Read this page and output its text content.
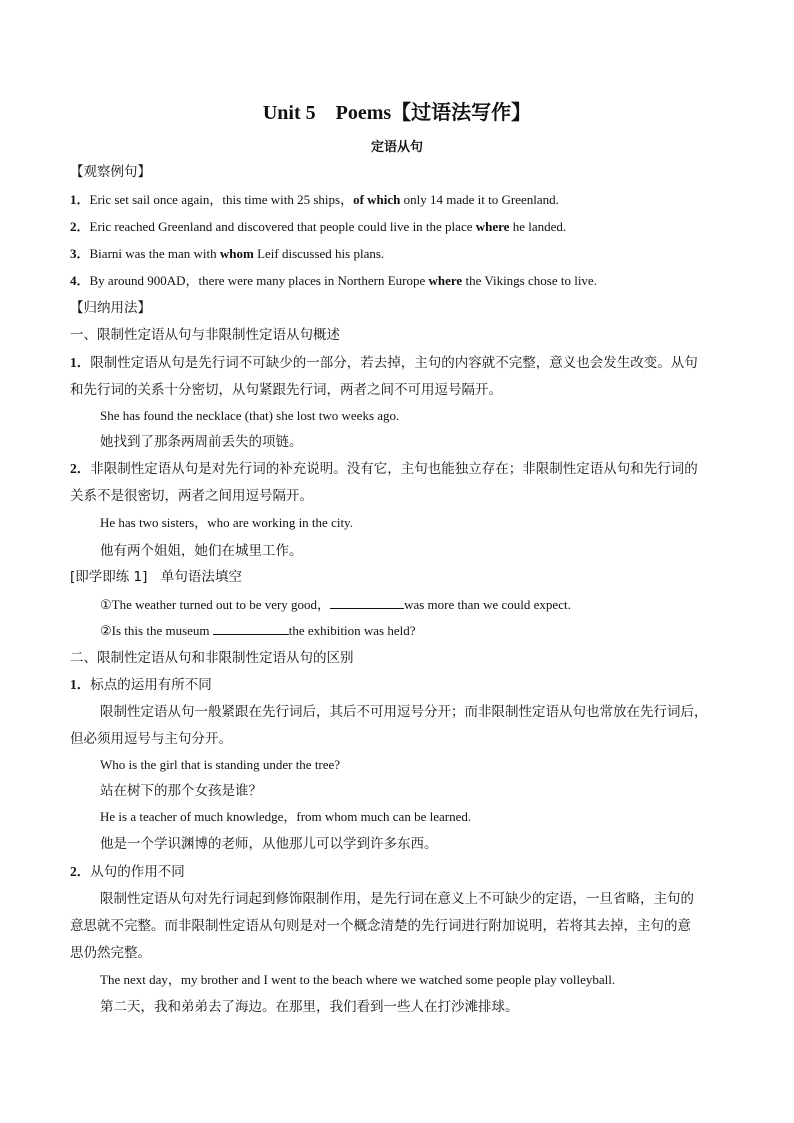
Unit 5 Poems【过语法写作】
定语从句
【观察例句】
1．Eric set sail once again，this time with 25 ships，of which only 14 made it to Greenland.
2．Eric reached Greenland and discovered that people could live in the place where he landed.
3．Biarni was the man with whom Leif discussed his plans.
4．By around 900AD，there were many places in Northern Europe where the Vikings chose to live.
【归纳用法】
一、限制性定语从句与非限制性定语从句概述
1．限制性定语从句是先行词不可缺少的一部分，若去掉，主句的内容就不完整，意义也会发生改变。从句
和先行词的关系十分密切，从句紧跟先行词，两者之间不可用逗号隔开。
She has found the necklace (that) she lost two weeks ago.
她找到了那条两周前丢失的项链。
2．非限制性定语从句是对先行词的补充说明。没有它，主句也能独立存在；非限制性定语从句和先行词的
关系不是很密切，两者之间用逗号隔开。
He has two sisters，who are working in the city.
他有两个姐姐，她们在城里工作。
[即学即练 1]　单句语法填空
①The weather turned out to be very good，	was more than we could expect.
②Is this the museum	the exhibition was held?
二、限制性定语从句和非限制性定语从句的区别
1．标点的运用有所不同
限制性定语从句一般紧跟在先行词后，其后不可用逗号分开；而非限制性定语从句也常放在先行词后，
但必须用逗号与主句分开。
Who is the girl that is standing under the tree?
站在树下的那个女孩是谁？
He is a teacher of much knowledge，from whom much can be learned.
他是一个学识渊博的老师，从他那儿可以学到许多东西。
2．从句的作用不同
限制性定语从句对先行词起到修饰限制作用，是先行词在意义上不可缺少的定语，一旦省略，主句的
意思就不完整。而非限制性定语从句则是对一个概念清楚的先行词进行附加说明，若将其去掉，主句的意
思仍然完整。
The next day，my brother and I went to the beach where we watched some people play volleyball.
第二天，我和弟弟去了海边。在那里，我们看到一些人在打沙滩排球。
